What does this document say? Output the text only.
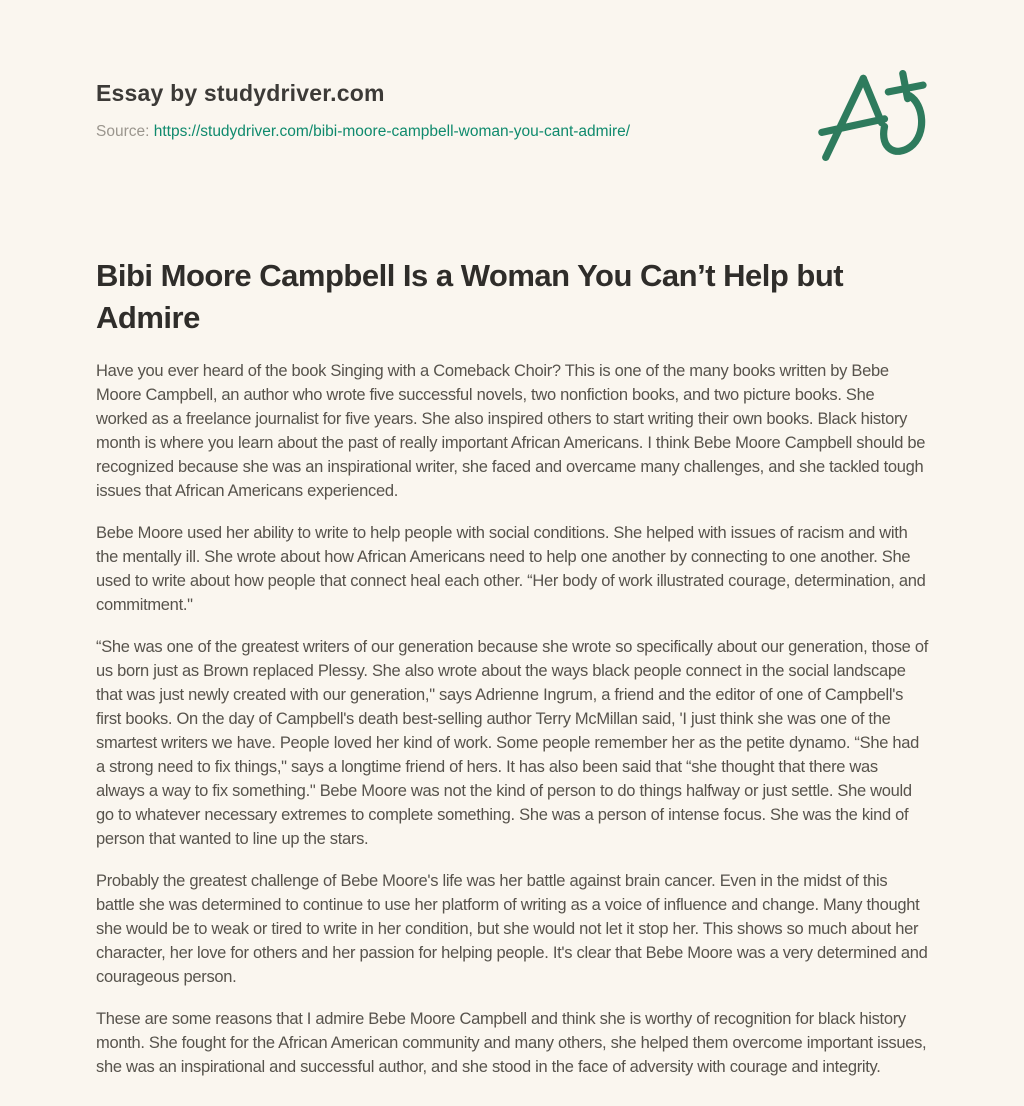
Essay by studydriver.com
Source: https://studydriver.com/bibi-moore-campbell-woman-you-cant-admire/
Bibi Moore Campbell Is a Woman You Can’t Help but Admire

Have you ever heard of the book Singing with a Comeback Choir? This is one of the many books written by Bebe Moore Campbell, an author who wrote five successful novels, two nonfiction books, and two picture books. She worked as a freelance journalist for five years. She also inspired others to start writing their own books. Black history month is where you learn about the past of really important African Americans. I think Bebe Moore Campbell should be recognized because she was an inspirational writer, she faced and overcame many challenges, and she tackled tough issues that African Americans experienced.

Bebe Moore used her ability to write to help people with social conditions. She helped with issues of racism and with the mentally ill. She wrote about how African Americans need to help one another by connecting to one another. She used to write about how people that connect heal each other. “Her body of work illustrated courage, determination, and commitment."

“She was one of the greatest writers of our generation because she wrote so specifically about our generation, those of us born just as Brown replaced Plessy. She also wrote about the ways black people connect in the social landscape that was just newly created with our generation," says Adrienne Ingrum, a friend and the editor of one of Campbell's first books. On the day of Campbell's death best-selling author Terry McMillan said, 'I just think she was one of the smartest writers we have. People loved her kind of work. Some people remember her as the petite dynamo. “She had a strong need to fix things," says a longtime friend of hers. It has also been said that “she thought that there was always a way to fix something." Bebe Moore was not the kind of person to do things halfway or just settle. She would go to whatever necessary extremes to complete something. She was a person of intense focus. She was the kind of person that wanted to line up the stars.

Probably the greatest challenge of Bebe Moore's life was her battle against brain cancer. Even in the midst of this battle she was determined to continue to use her platform of writing as a voice of influence and change. Many thought she would be to weak or tired to write in her condition, but she would not let it stop her. This shows so much about her character, her love for others and her passion for helping people. It's clear that Bebe Moore was a very determined and courageous person.

These are some reasons that I admire Bebe Moore Campbell and think she is worthy of recognition for black history month. She fought for the African American community and many others, she helped them overcome important issues, she was an inspirational and successful author, and she stood in the face of adversity with courage and integrity.
